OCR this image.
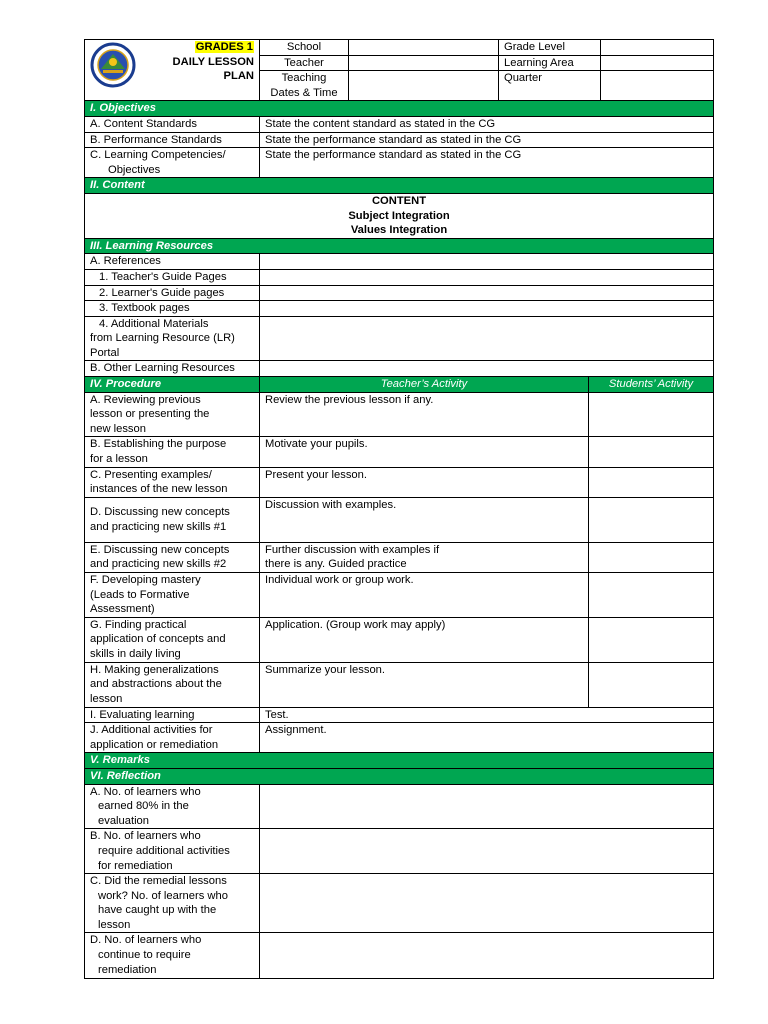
GRADES 1
DAILY LESSON
PLAN	School		Grade Level		
	Teacher		Learning Area		
	Teaching		Quarter		
	Dates & Time				
I. Objectives					
A. Content Standards	State the content standard as stated in the CG				
B. Performance Standards	State the performance standard as stated in the CG				

C. Learning Competencies/
Objectives	State the performance standard as stated in the CG				
II. Content					

CONTENT
Subject Integration
Values Integration					

III. Learning Resources					
A. References					
1. Teacher's Guide Pages					
2. Learner's Guide pages					
3. Textbook pages					

4. Additional Materials
from Learning Resource (LR)
Portal					

B. Other Learning Resources					
IV. Procedure	Teacher’s Activity			Students’ Activity	

A. Reviewing previous
lesson or presenting the
new lesson	Review the previous lesson if any.				

B. Establishing the purpose
for a lesson	Motivate your pupils.				

C. Presenting examples/
instances of the new lesson	Present your lesson.				

D. Discussing new concepts
and practicing new skills #1	Discussion with examples.				

E. Discussing new concepts
and practicing new skills #2	Further discussion with examples if
there is any. Guided practice				

F. Developing mastery
(Leads to Formative
Assessment)	Individual work or group work.				

G. Finding practical
application of concepts and
skills in daily living	Application. (Group work may apply)				

H. Making generalizations
and abstractions about the
lesson	Summarize your lesson.				
I. Evaluating learning	Test.				

J. Additional activities for
application or remediation	Assignment.				
V. Remarks					
VI. Reflection					

A. No. of learners who
earned 80% in the
evaluation					

B. No. of learners who
require additional activities
for remediation					

C. Did the remedial lessons
work? No. of learners who
have caught up with the
lesson					

D. No. of learners who
continue to require
remediation					
